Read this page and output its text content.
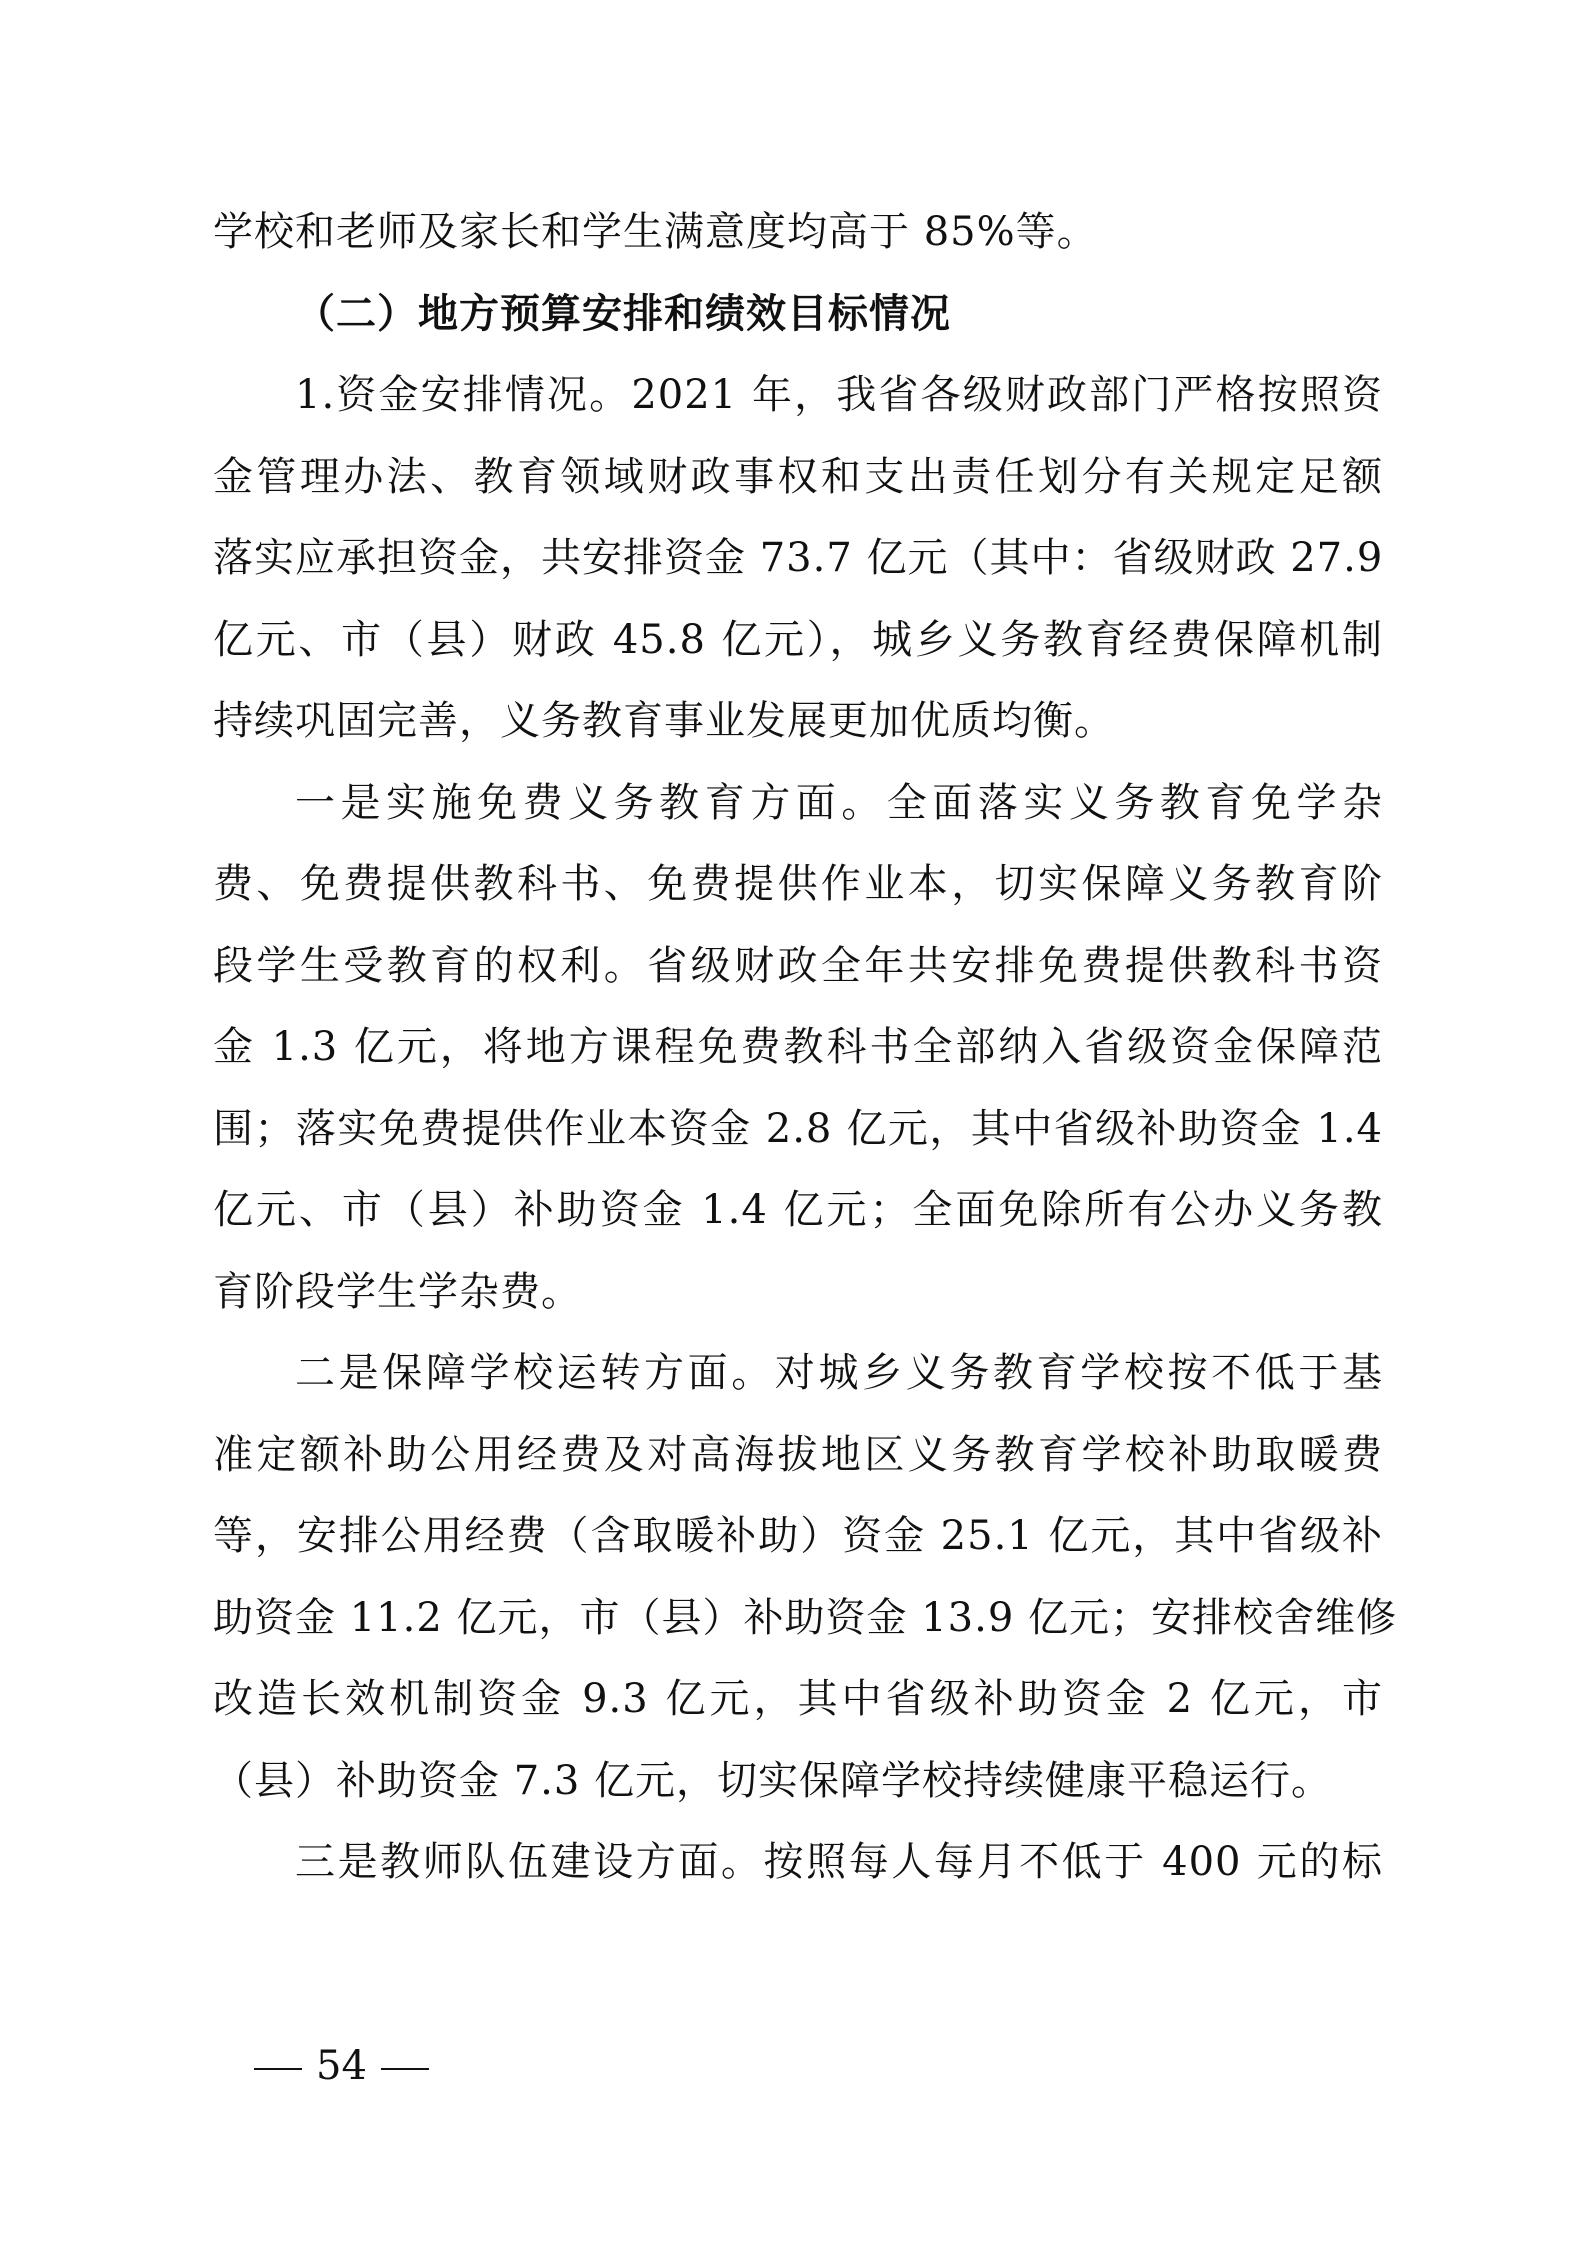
学校和老师及家长和学生满意度均高于 85%等。
（二）地方预算安排和绩效目标情况
1.资金安排情况。2021 年，我省各级财政部门严格按照资
金管理办法、教育领域财政事权和支出责任划分有关规定足额
落实应承担资金，共安排资金 73.7 亿元（其中：省级财政 27.9
亿元、市（县）财政 45.8 亿元），城乡义务教育经费保障机制
持续巩固完善，义务教育事业发展更加优质均衡。
一是实施免费义务教育方面。全面落实义务教育免学杂
费、免费提供教科书、免费提供作业本，切实保障义务教育阶
段学生受教育的权利。省级财政全年共安排免费提供教科书资
金 1.3 亿元，将地方课程免费教科书全部纳入省级资金保障范
围；落实免费提供作业本资金 2.8 亿元，其中省级补助资金 1.4
亿元、市（县）补助资金 1.4 亿元；全面免除所有公办义务教
育阶段学生学杂费。
二是保障学校运转方面。对城乡义务教育学校按不低于基
准定额补助公用经费及对高海拔地区义务教育学校补助取暖费
等，安排公用经费（含取暖补助）资金 25.1 亿元，其中省级补
助资金 11.2 亿元，市（县）补助资金 13.9 亿元；安排校舍维修
改造长效机制资金 9.3 亿元，其中省级补助资金 2 亿元，市
（县）补助资金 7.3 亿元，切实保障学校持续健康平稳运行。
三是教师队伍建设方面。按照每人每月不低于 400 元的标
54
